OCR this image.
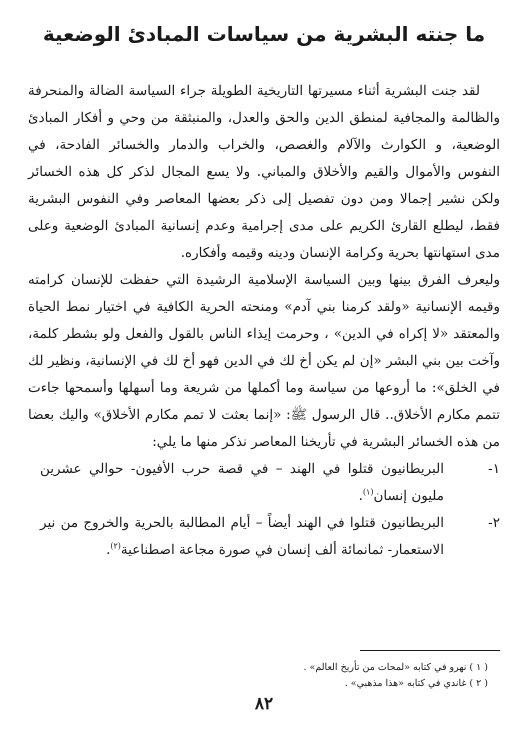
ما جنته البشرية من سياسات المبادئ الوضعية

لقد جنت البشرية أثناء مسيرتها التاريخية الطويلة جراء السياسة الضالة والمنحرفة والظالمة والمجافية لمنطق الدين والحق والعدل، والمنبثقة من وحي و أفكار المبادئ الوضعية، و الكوارث والآلام والغصص، والخراب والدمار والخسائر الفادحة، في النفوس والأموال والقيم والأخلاق والمباني. ولا يسع المجال لذكر كل هذه الخسائر ولكن نشير إجمالا ومن دون تفصيل إلى ذكر بعضها المعاصر وفي النفوس البشرية فقط، ليطلع القارئ الكريم على مدى إجرامية وعدم إنسانية المبادئ الوضعية وعلى مدى استهانتها بحرية وكرامة الإنسان ودينه وقيمه وأفكاره.

وليعرف الفرق بينها وبين السياسة الإسلامية الرشيدة التي حفظت للإنسان كرامته وقيمه الإنسانية «ولقد كرمنا بني آدم» ومنحته الحرية الكافية في اختيار نمط الحياة والمعتقد «لا إكراه في الدين» ، وحرمت إيذاء الناس بالقول والفعل ولو بشطر كلمة، وآخت بين بني البشر «إن لم يكن أخ لك في الدين فهو أخ لك في الإنسانية، ونظير لك في الخلق»: ما أروعها من سياسة وما أكملها من شريعة وما أسهلها وأسمحها جاءت تتمم مكارم الأخلاق.. قال الرسول ﷺ: «إنما بعثت لا تمم مكارم الأخلاق» واليك بعضا من هذه الخسائر البشرية في تأريخنا المعاصر نذكر منها ما يلي:

١-
البريطانيون قتلوا في الهند – في قصة حرب الأفيون- حوالي عشرين مليون إنسان$^{(١)}$.
٢-
البريطانيون قتلوا في الهند أيضاً – أيام المطالبة بالحرية والخروج من نير الاستعمار- ثمانمائة ألف إنسان في صورة مجاعة اصطناعية$^{(٢)}$.
( ١ ) نهرو في كتابه «لمحات من تأريخ العالم» .
( ٢ ) غاندي في كتابه «هذا مذهبي» .
٨٢
